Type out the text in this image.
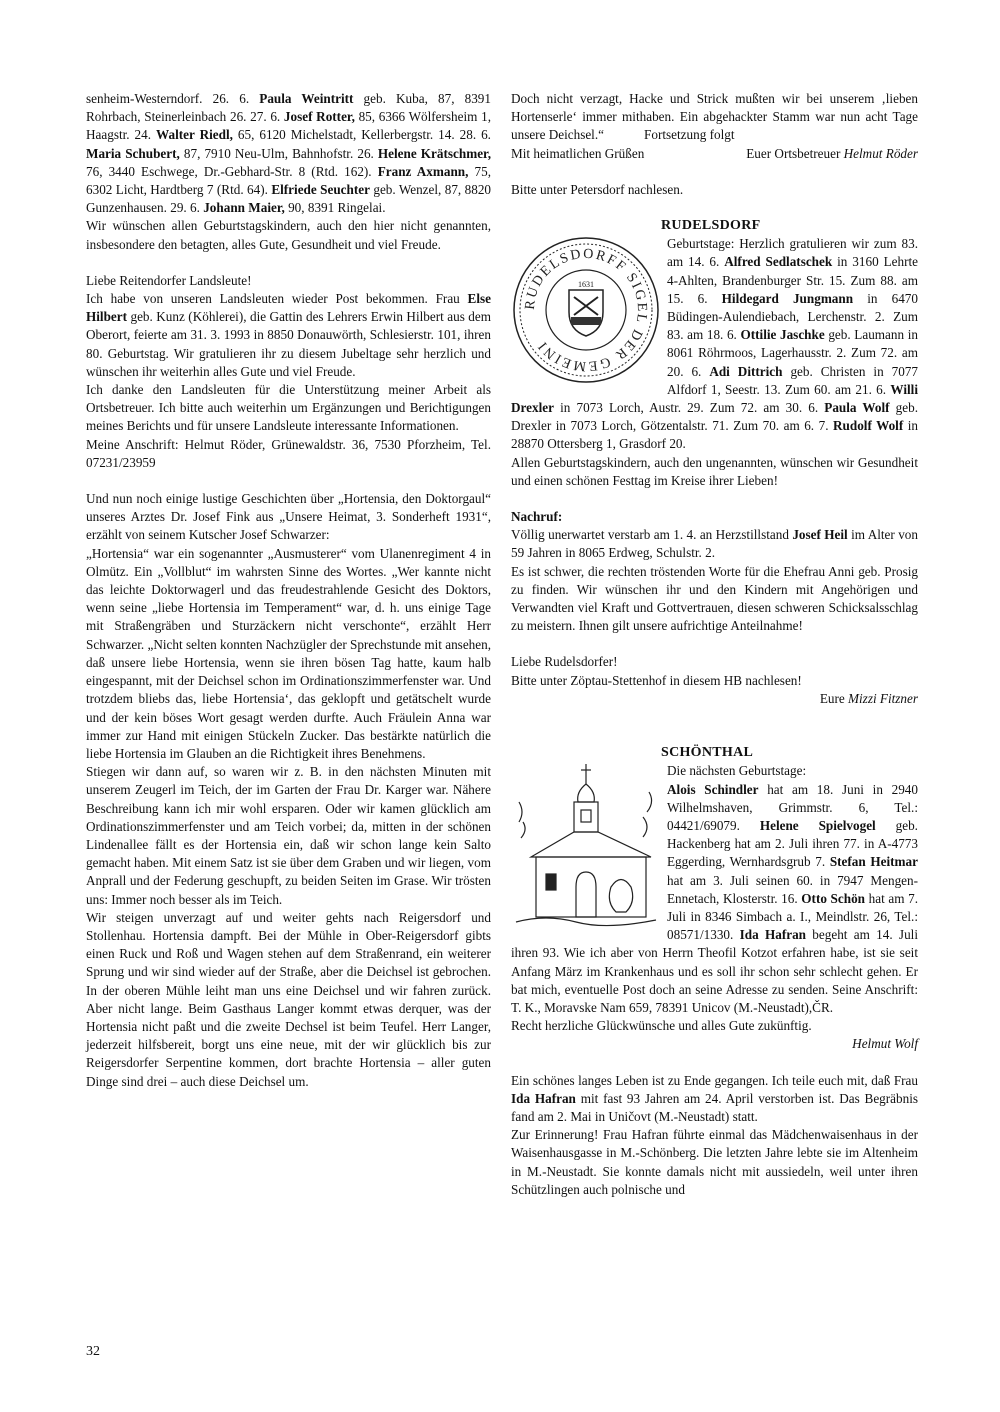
senheim-Westerndorf. 26. 6. Paula Weintritt geb. Kuba, 87, 8391 Rohrbach, Steinerleinbach 26. 27. 6. Josef Rotter, 85, 6366 Wölfersheim 1, Haagstr. 24. Walter Riedl, 65, 6120 Michelstadt, Kellerbergstr. 14. 28. 6. Maria Schubert, 87, 7910 Neu-Ulm, Bahnhofstr. 26. Helene Krätschmer, 76, 3440 Eschwege, Dr.-Gebhard-Str. 8 (Rtd. 162). Franz Axmann, 75, 6302 Licht, Hardtberg 7 (Rtd. 64). Elfriede Seuchter geb. Wenzel, 87, 8820 Gunzenhausen. 29. 6. Johann Maier, 90, 8391 Ringelai.

Wir wünschen allen Geburtstagskindern, auch den hier nicht genannten, insbesondere den betagten, alles Gute, Gesundheit und viel Freude.

Liebe Reitendorfer Landsleute!

Ich habe von unseren Landsleuten wieder Post bekommen. Frau Else Hilbert geb. Kunz (Köhlerei), die Gattin des Lehrers Erwin Hilbert aus dem Oberort, feierte am 31. 3. 1993 in 8850 Donauwörth, Schlesierstr. 101, ihren 80. Geburtstag. Wir gratulieren ihr zu diesem Jubeltage sehr herzlich und wünschen ihr weiterhin alles Gute und viel Freude.

Ich danke den Landsleuten für die Unterstützung meiner Arbeit als Ortsbetreuer. Ich bitte auch weiterhin um Ergänzungen und Berichtigungen meines Berichts und für unsere Landsleute interessante Informationen.

Meine Anschrift: Helmut Röder, Grünewaldstr. 36, 7530 Pforzheim, Tel. 07231/23959

Und nun noch einige lustige Geschichten über „Hortensia, den Doktorgaul“ unseres Arztes Dr. Josef Fink aus „Unsere Heimat, 3. Sonderheft 1931“, erzählt von seinem Kutscher Josef Schwarzer:

„Hortensia“ war ein sogenannter „Ausmusterer“ vom Ulanenregiment 4 in Olmütz. Ein „Vollblut“ im wahrsten Sinne des Wortes. „Wer kannte nicht das leichte Doktorwagerl und das freudestrahlende Gesicht des Doktors, wenn seine „liebe Hortensia im Temperament“ war, d. h. uns einige Tage mit Straßengräben und Sturzäckern nicht verschonte“, erzählt Herr Schwarzer. „Nicht selten konnten Nachzügler der Sprechstunde mit ansehen, daß unsere liebe Hortensia, wenn sie ihren bösen Tag hatte, kaum halb eingespannt, mit der Deichsel schon im Ordinationszimmerfenster war. Und trotzdem bliebs das, liebe Hortensia‘, das geklopft und getätschelt wurde und der kein böses Wort gesagt werden durfte. Auch Fräulein Anna war immer zur Hand mit einigen Stückeln Zucker. Das bestärkte natürlich die liebe Hortensia im Glauben an die Richtigkeit ihres Benehmens.

Stiegen wir dann auf, so waren wir z. B. in den nächsten Minuten mit unserem Zeugerl im Teich, der im Garten der Frau Dr. Karger war. Nähere Beschreibung kann ich mir wohl ersparen. Oder wir kamen glücklich am Ordinationszimmerfenster und am Teich vorbei; da, mitten in der schönen Lindenallee fällt es der Hortensia ein, daß wir schon lange kein Salto gemacht haben. Mit einem Satz ist sie über dem Graben und wir liegen, vom Anprall und der Federung geschupft, zu beiden Seiten im Grase. Wir trösten uns: Immer noch besser als im Teich.

Wir steigen unverzagt auf und weiter gehts nach Reigersdorf und Stollenhau. Hortensia dampft. Bei der Mühle in Ober-Reigersdorf gibts einen Ruck und Roß und Wagen stehen auf dem Straßenrand, ein weiterer Sprung und wir sind wieder auf der Straße, aber die Deichsel ist gebrochen. In der oberen Mühle leiht man uns eine Deichsel und wir fahren zurück. Aber nicht lange. Beim Gasthaus Langer kommt etwas derquer, was der Hortensia nicht paßt und die zweite Dechsel ist beim Teufel. Herr Langer, jederzeit hilfsbereit, borgt uns eine neue, mit der wir glücklich bis zur Reigersdorfer Serpentine kommen, dort brachte Hortensia – aller guten Dinge sind drei – auch diese Deichsel um.

Doch nicht verzagt, Hacke und Strick mußten wir bei unserem ‚lieben Hortenserle‘ immer mithaben. Ein abgehackter Stamm war nun acht Tage unsere Deichsel.“	Fortsetzung folgt

Mit heimatlichen Grüßen	Euer Ortsbetreuer Helmut Röder

Bitte unter Petersdorf nachlesen.

RUDELSDORF
RUDELSDORFF SIGEL DER GEMEINI
1631

Geburtstage: Herzlich gratulieren wir zum 83. am 14. 6. Alfred Sedlatschek in 3160 Lehrte 4-Ahlten, Brandenburger Str. 15. Zum 88. am 15. 6. Hildegard Jungmann in 6470 Büdingen-Aulendiebach, Lerchenstr. 2. Zum 83. am 18. 6. Ottilie Jaschke geb. Laumann in 8061 Röhrmoos, Lagerhausstr. 2. Zum 72. am 20. 6. Adi Dittrich geb. Christen in 7077 Alfdorf 1, Seestr. 13. Zum 60. am 21. 6. Willi Drexler in 7073 Lorch, Austr. 29. Zum 72. am 30. 6. Paula Wolf geb. Drexler in 7073 Lorch, Götzentalstr. 71. Zum 70. am 6. 7. Rudolf Wolf in 28870 Ottersberg 1, Grasdorf 20.

Allen Geburtstagskindern, auch den ungenannten, wünschen wir Gesundheit und einen schönen Festtag im Kreise ihrer Lieben!

Nachruf:

Völlig unerwartet verstarb am 1. 4. an Herzstillstand Josef Heil im Alter von 59 Jahren in 8065 Erdweg, Schulstr. 2.

Es ist schwer, die rechten tröstenden Worte für die Ehefrau Anni geb. Prosig zu finden. Wir wünschen ihr und den Kindern mit Angehörigen und Verwandten viel Kraft und Gottvertrauen, diesen schweren Schicksalsschlag zu meistern. Ihnen gilt unsere aufrichtige Anteilnahme!

Liebe Rudelsdorfer!

Bitte unter Zöptau-Stettenhof in diesem HB nachlesen!

Eure Mizzi Fitzner

SCHÖNTHAL

Die nächsten Geburtstage:

Alois Schindler hat am 18. Juni in 2940 Wilhelmshaven, Grimmstr. 6, Tel.: 04421/69079. Helene Spielvogel geb. Hackenberg hat am 2. Juli ihren 77. in A-4773 Eggerding, Wernhardsgrub 7. Stefan Heitmar hat am 3. Juli seinen 60. in 7947 Mengen-Ennetach, Klosterstr. 16. Otto Schön hat am 7. Juli in 8346 Simbach a. I., Meindlstr. 26, Tel.: 08571/1330. Ida Hafran begeht am 14. Juli ihren 93. Wie ich aber von Herrn Theofil Kotzot erfahren habe, ist sie seit Anfang März im Krankenhaus und es soll ihr schon sehr schlecht gehen. Er bat mich, eventuelle Post doch an seine Adresse zu senden. Seine Anschrift: T. K., Moravske Nam 659, 78391 Unicov (M.-Neustadt),ČR.

Recht herzliche Glückwünsche und alles Gute zukünftig.

Helmut Wolf

Ein schönes langes Leben ist zu Ende gegangen. Ich teile euch mit, daß Frau Ida Hafran mit fast 93 Jahren am 24. April verstorben ist. Das Begräbnis fand am 2. Mai in Uničovt (M.-Neustadt) statt.

Zur Erinnerung! Frau Hafran führte einmal das Mädchenwaisenhaus in der Waisenhausgasse in M.-Schönberg. Die letzten Jahre lebte sie im Altenheim in M.-Neustadt. Sie konnte damals nicht mit aussiedeln, weil unter ihren Schützlingen auch polnische und

32
